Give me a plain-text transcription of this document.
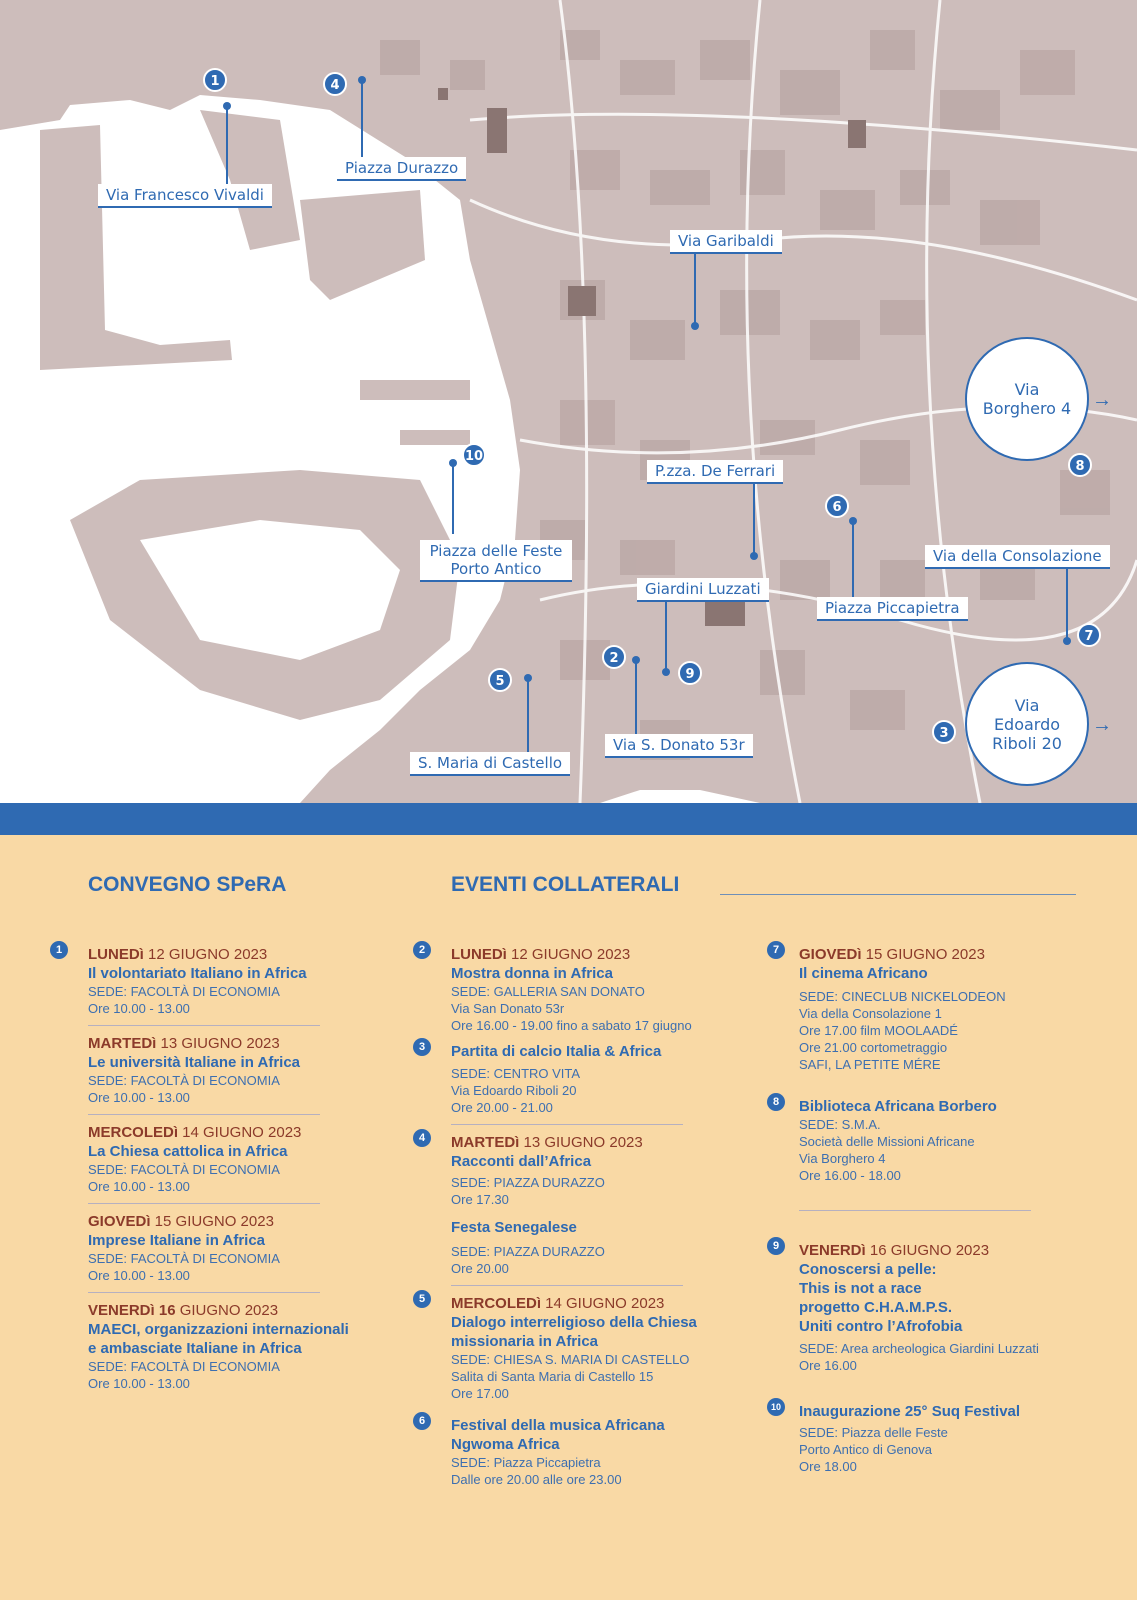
Via Francesco Vivaldi
Piazza Durazzo
Via Garibaldi
P.zza. De Ferrari
Piazza delle Feste Porto Antico
Giardini Luzzati
Piazza Piccapietra
Via della Consolazione
S. Maria di Castello
Via S. Donato 53r
Via Borghero 4 →
Via Edoardo Riboli 20
→
1
2
3
4
5
6
7
8
9
10
CONVEGNO SPeRA	EVENTI COLLATERALI
1	LUNEDì 12 GIUGNO 2023
Il volontariato Italiano in Africa
SEDE: FACOLTÀ DI ECONOMIA
Ore 10.00 - 13.00
MARTEDì 13 GIUGNO 2023
Le università Italiane in Africa
SEDE: FACOLTÀ DI ECONOMIA
Ore 10.00 - 13.00
MERCOLEDì 14 GIUGNO 2023
La Chiesa cattolica in Africa
SEDE: FACOLTÀ DI ECONOMIA
Ore 10.00 - 13.00
GIOVEDì 15 GIUGNO 2023
Imprese Italiane in Africa
SEDE: FACOLTÀ DI ECONOMIA
Ore 10.00 - 13.00
VENERDì 16 GIUGNO 2023
MAECI, organizzazioni internazionali
e ambasciate Italiane in Africa
SEDE: FACOLTÀ DI ECONOMIA
Ore 10.00 - 13.00
2	LUNEDì 12 GIUGNO 2023
Mostra donna in Africa
SEDE: GALLERIA SAN DONATO
Via San Donato 53r
Ore 16.00 - 19.00 fino a sabato 17 giugno
3	Partita di calcio Italia & Africa
SEDE: CENTRO VITA
Via Edoardo Riboli 20
Ore 20.00 - 21.00
4	MARTEDì 13 GIUGNO 2023
Racconti dall’Africa
SEDE: PIAZZA DURAZZO
Ore 17.30
Festa Senegalese
SEDE: PIAZZA DURAZZO
Ore 20.00
5	MERCOLEDì 14 GIUGNO 2023
Dialogo interreligioso della Chiesa
missionaria in Africa
SEDE: CHIESA S. MARIA DI CASTELLO
Salita di Santa Maria di Castello 15
Ore 17.00
6	Festival della musica Africana
Ngwoma Africa
SEDE: Piazza Piccapietra
Dalle ore 20.00 alle ore 23.00
7	GIOVEDì 15 GIUGNO 2023
Il cinema Africano
SEDE: CINECLUB NICKELODEON
Via della Consolazione 1
Ore 17.00 film MOOLAADÉ
Ore 21.00 cortometraggio
SAFI, LA PETITE MÉRE
8	Biblioteca Africana Borbero
SEDE: S.M.A.
Società delle Missioni Africane
Via Borghero 4
Ore 16.00 - 18.00
9	VENERDì 16 GIUGNO 2023
Conoscersi a pelle:
This is not a race
progetto C.H.A.M.P.S.
Uniti contro l’Afrofobia
SEDE: Area archeologica Giardini Luzzati
Ore 16.00
10 Inaugurazione 25° Suq Festival
SEDE: Piazza delle Feste
Porto Antico di Genova
Ore 18.00
